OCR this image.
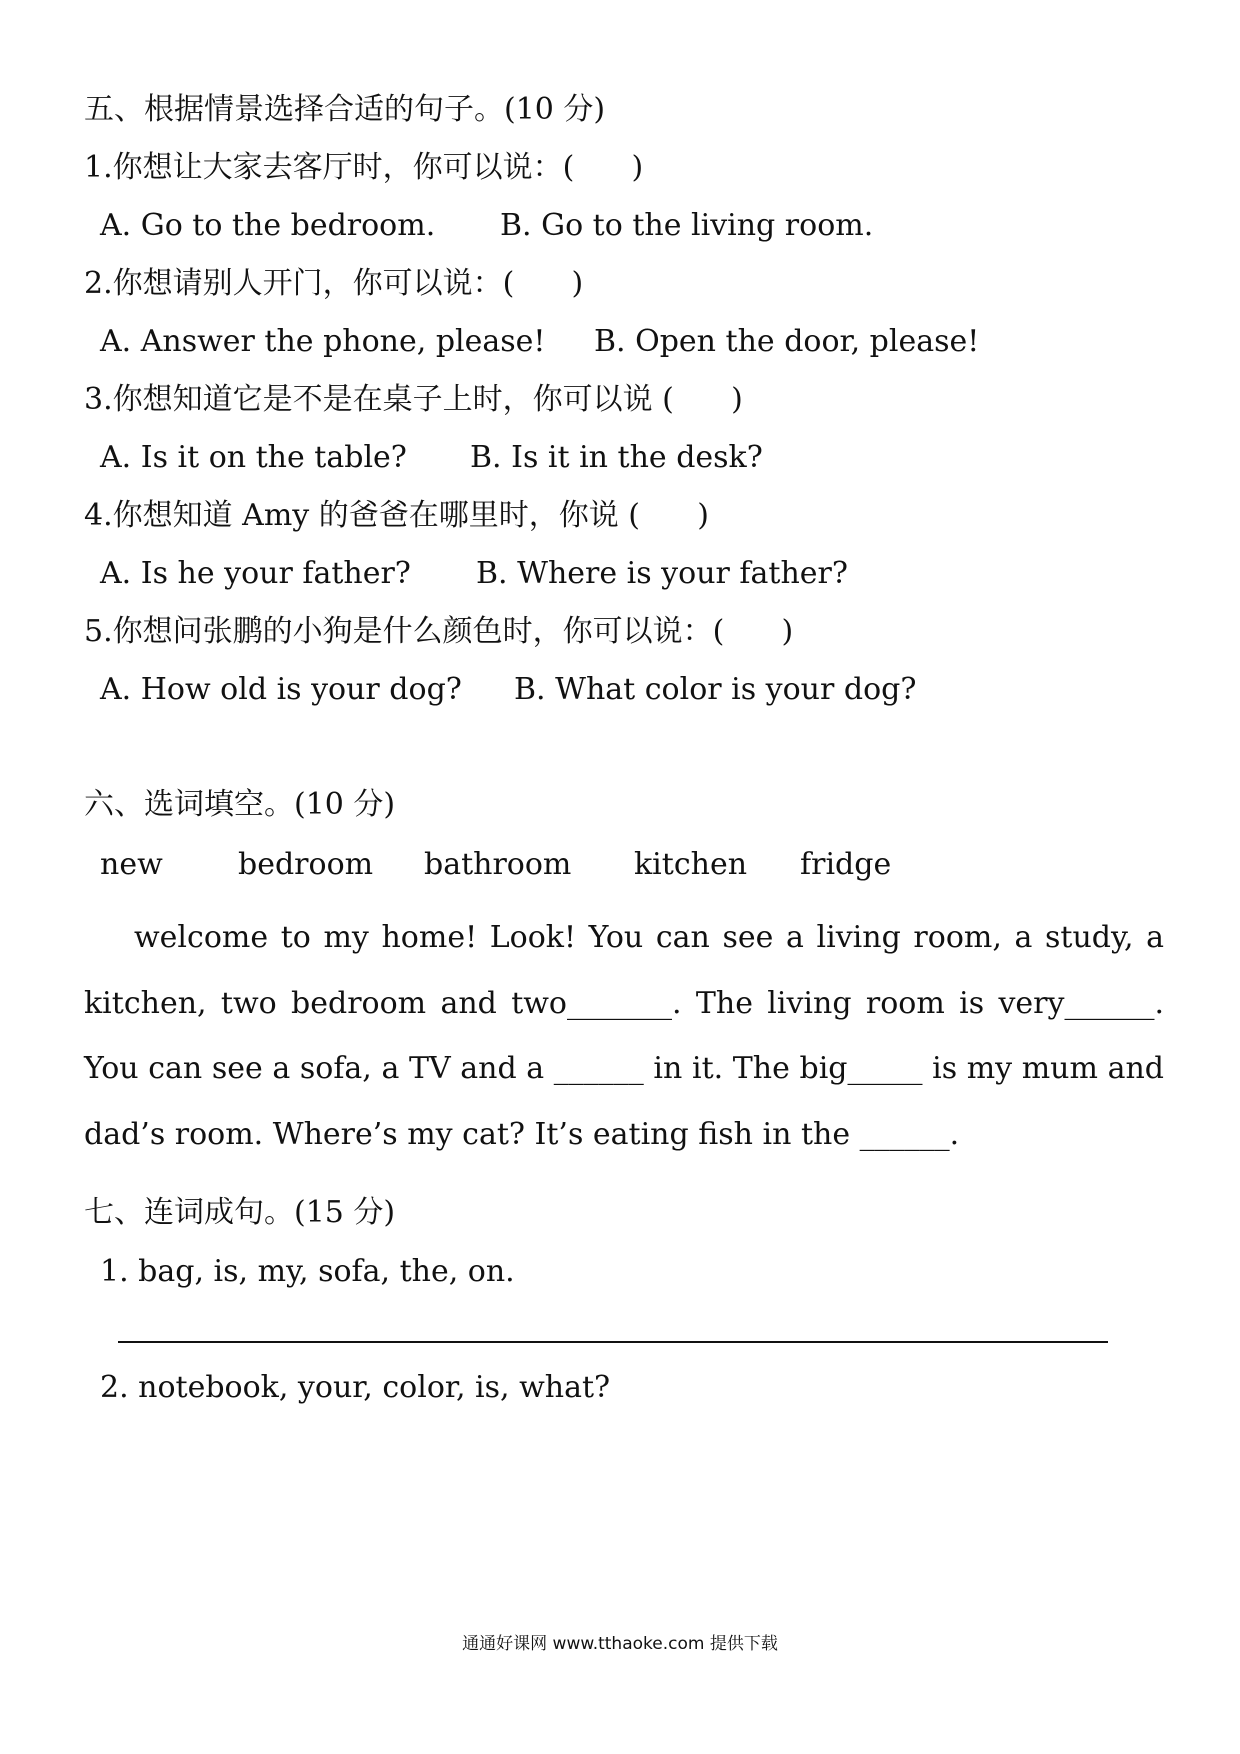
五、根据情景选择合适的句子。(10 分)
1.你想让大家去客厅时，你可以说：(      )
A. Go to the bedroom. B. Go to the living room.
2.你想请别人开门，你可以说：(      )
A. Answer the phone, please! B. Open the door, please!
3.你想知道它是不是在桌子上时，你可以说 (      )
A. Is it on the table? B. Is it in the desk?
4.你想知道 Amy 的爸爸在哪里时，你说 (      )
A. Is he your father? B. Where is your father?
5.你想问张鹏的小狗是什么颜色时，你可以说：(      )
A. How old is your dog? B. What color is your dog?
六、选词填空。(10 分)
new	bedroom bathroom kitchen fridge

welcome to my home! Look! You can see a living room, a study, a kitchen, two bedroom and two_______. The living room is very______. You can see a sofa, a TV and a ______ in it. The big_____ is my mum and dad’s room. Where’s my cat? It’s eating fish in the ______.

七、连词成句。(15 分)
1. bag, is, my, sofa, the, on.
2. notebook, your, color, is, what?
通通好课网 www.tthaoke.com 提供下载
